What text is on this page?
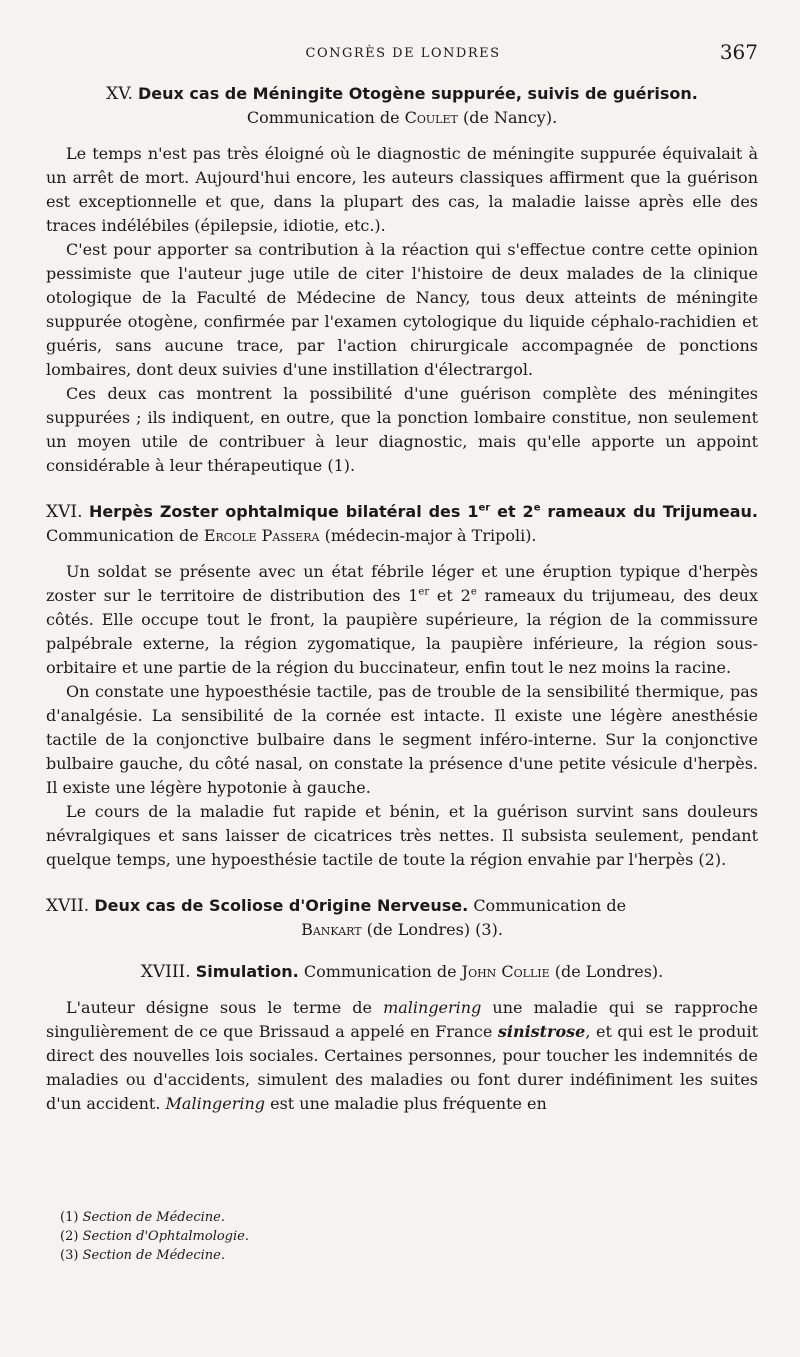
CONGRÈS DE LONDRES	367
XV. Deux cas de Méningite Otogène suppurée, suivis de guérison.
Communication de Coulet (de Nancy).

Le temps n'est pas très éloigné où le diagnostic de méningite suppurée équivalait à un arrêt de mort. Aujourd'hui encore, les auteurs classiques affirment que la guérison est exceptionnelle et que, dans la plupart des cas, la maladie laisse après elle des traces indélébiles (épilepsie, idiotie, etc.).

C'est pour apporter sa contribution à la réaction qui s'effectue contre cette opinion pessimiste que l'auteur juge utile de citer l'histoire de deux malades de la clinique otologique de la Faculté de Médecine de Nancy, tous deux atteints de méningite suppurée otogène, confirmée par l'examen cytologique du liquide céphalo-rachidien et guéris, sans aucune trace, par l'action chirurgicale accompagnée de ponctions lombaires, dont deux suivies d'une instillation d'électrargol.

Ces deux cas montrent la possibilité d'une guérison complète des méningites suppurées ; ils indiquent, en outre, que la ponction lombaire constitue, non seulement un moyen utile de contribuer à leur diagnostic, mais qu'elle apporte un appoint considérable à leur thérapeutique (1).

XVI. Herpès Zoster ophtalmique bilatéral des 1er et 2e rameaux du Trijumeau. Communication de Ercole Passera (médecin-major à Tripoli).

Un soldat se présente avec un état fébrile léger et une éruption typique d'herpès zoster sur le territoire de distribution des 1er et 2e rameaux du trijumeau, des deux côtés. Elle occupe tout le front, la paupière supérieure, la région de la commissure palpébrale externe, la région zygomatique, la paupière inférieure, la région sous-orbitaire et une partie de la région du buccinateur, enfin tout le nez moins la racine.

On constate une hypoesthésie tactile, pas de trouble de la sensibilité thermique, pas d'analgésie. La sensibilité de la cornée est intacte. Il existe une légère anesthésie tactile de la conjonctive bulbaire dans le segment inféro-interne. Sur la conjonctive bulbaire gauche, du côté nasal, on constate la présence d'une petite vésicule d'herpès. Il existe une légère hypotonie à gauche.

Le cours de la maladie fut rapide et bénin, et la guérison survint sans douleurs névralgiques et sans laisser de cicatrices très nettes. Il subsista seulement, pendant quelque temps, une hypoesthésie tactile de toute la région envahie par l'herpès (2).

XVII. Deux cas de Scoliose d'Origine Nerveuse. Communication de
Bankart (de Londres) (3).
XVIII. Simulation. Communication de John Collie (de Londres).

L'auteur désigne sous le terme de malingering une maladie qui se rapproche singulièrement de ce que Brissaud a appelé en France sinistrose, et qui est le produit direct des nouvelles lois sociales. Certaines personnes, pour toucher les indemnités de maladies ou d'accidents, simulent des maladies ou font durer indéfiniment les suites d'un accident. Malingering est une maladie plus fréquente en

(1) Section de Médecine.
(2) Section d'Ophtalmologie.
(3) Section de Médecine.
